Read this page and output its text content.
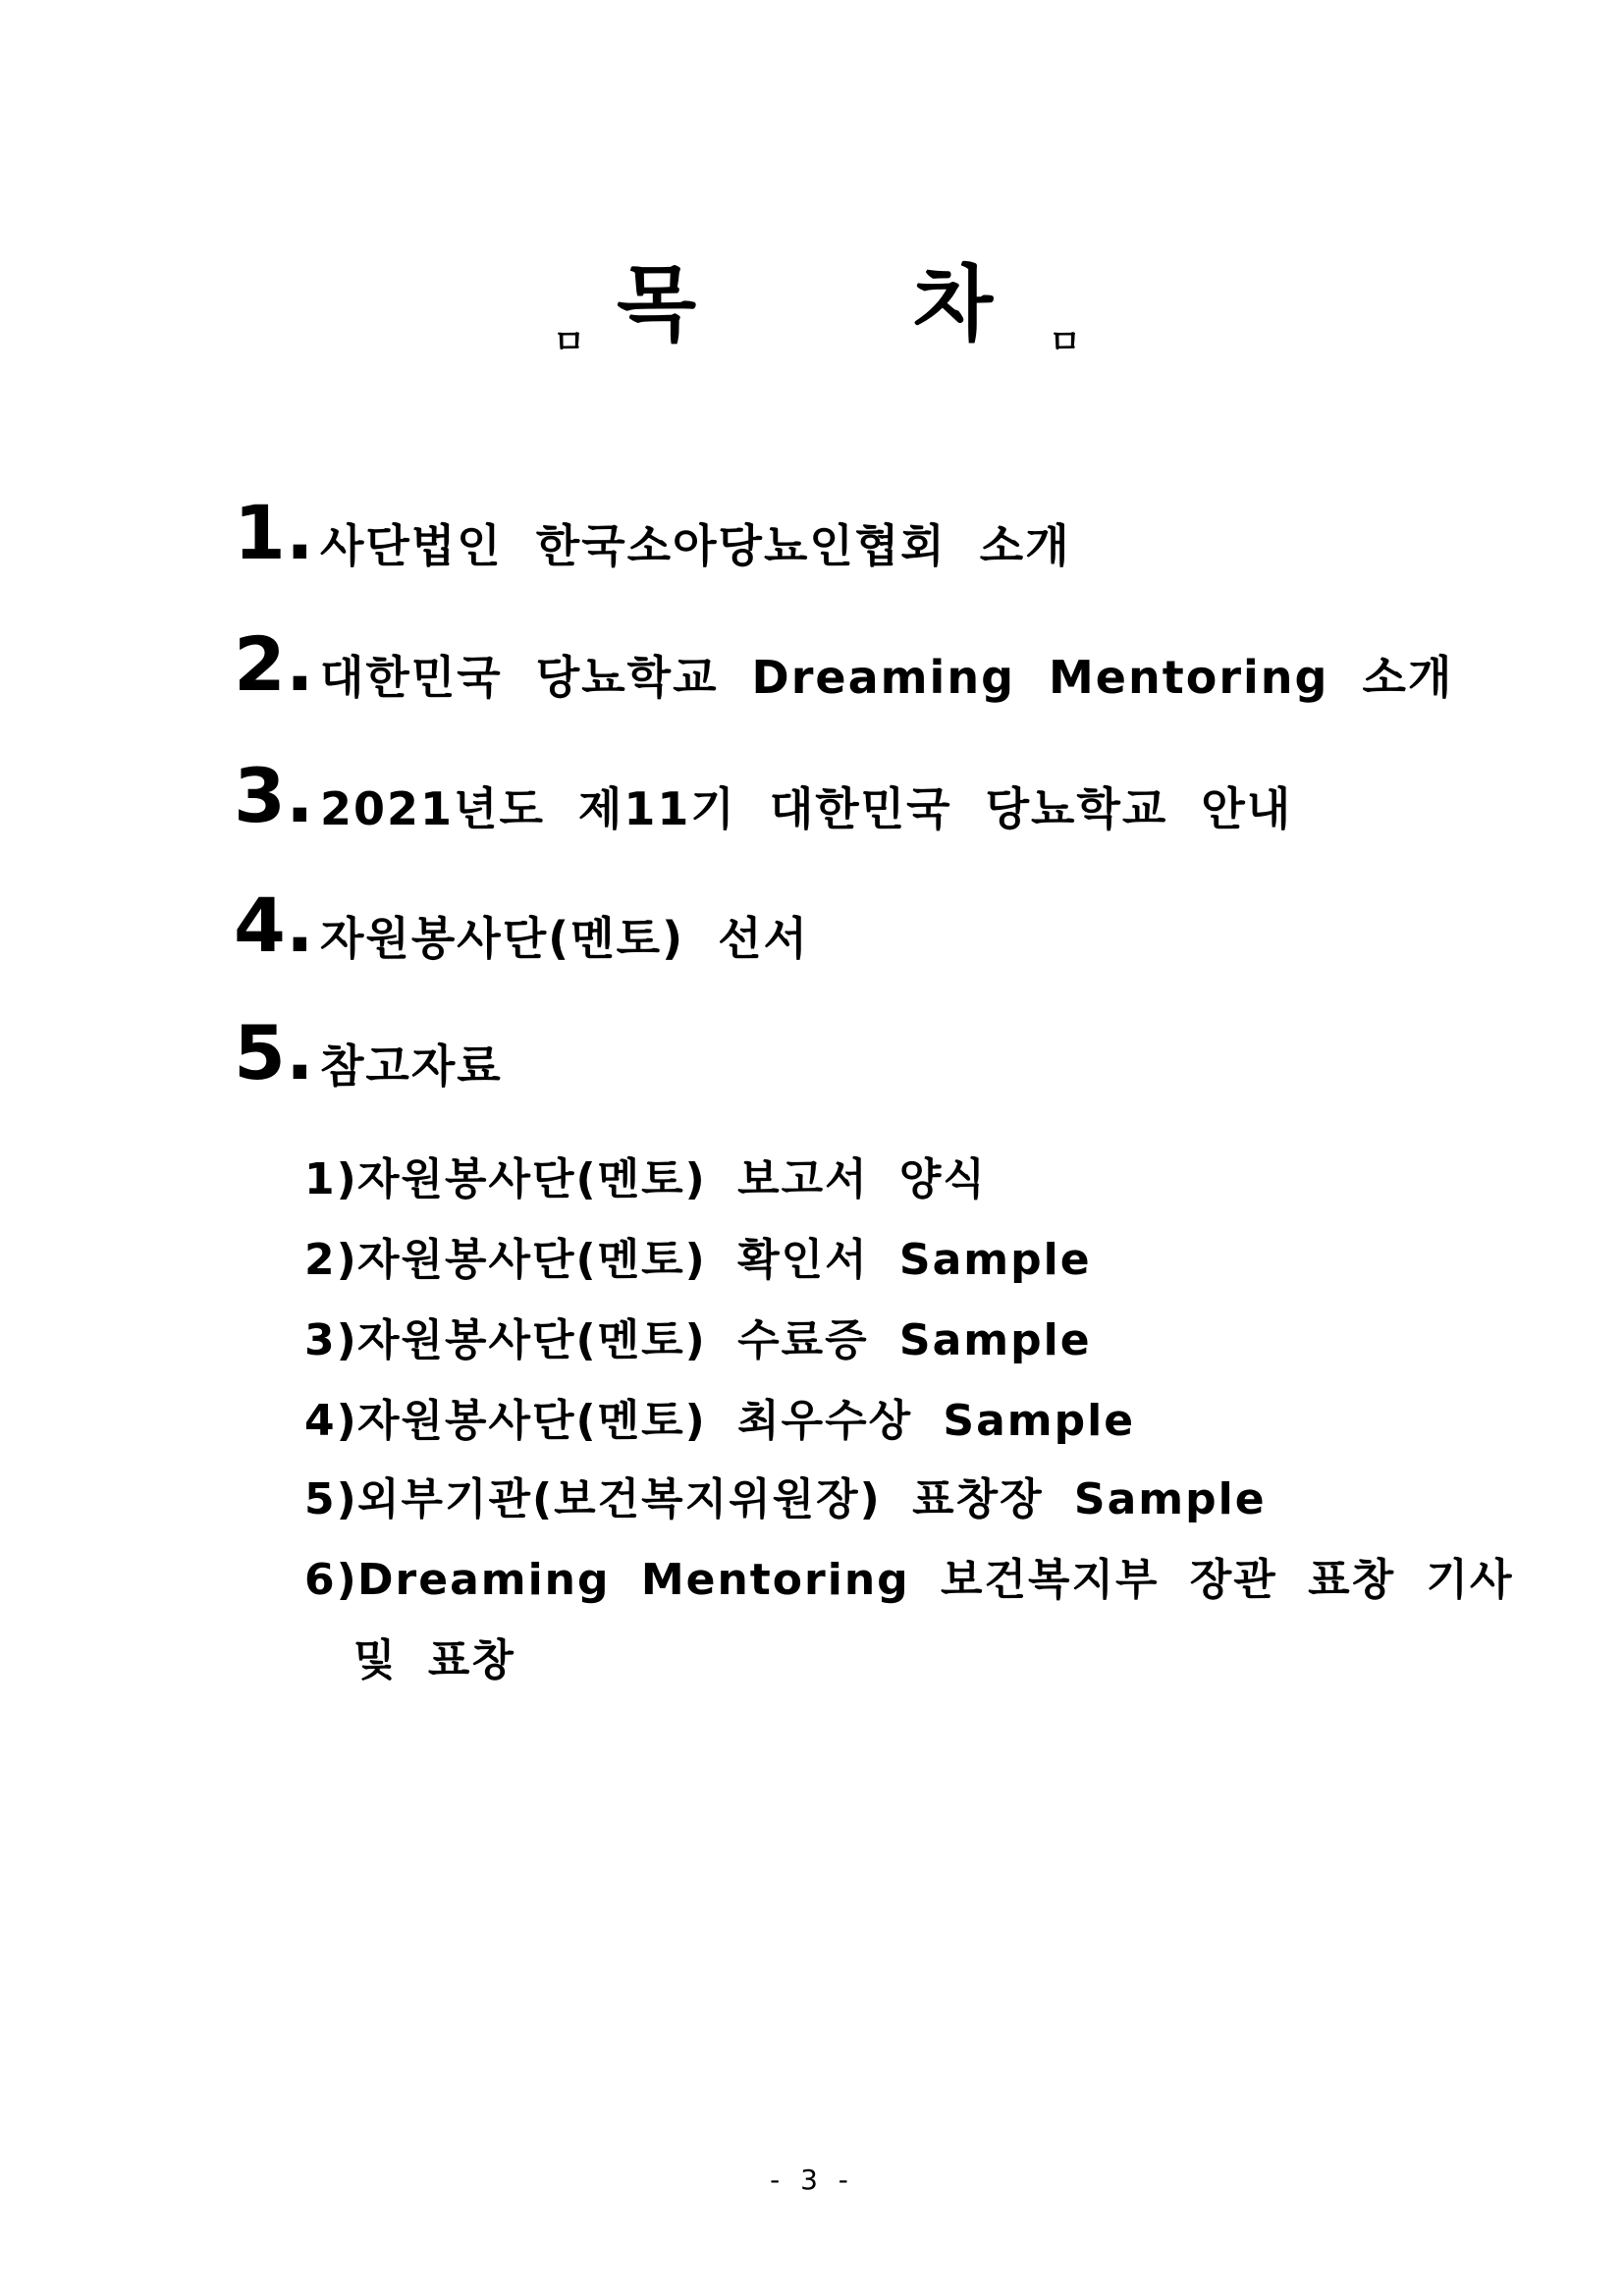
ㅁ 목	차 ㅁ
1. 사단법인 한국소아당뇨인협회 소개
2. 대한민국 당뇨학교 Dreaming Mentoring 소개
3. 2021년도 제11기 대한민국 당뇨학교 안내
4. 자원봉사단(멘토) 선서
5. 참고자료
1)자원봉사단(멘토) 보고서 양식
2)자원봉사단(멘토) 확인서 Sample
3)자원봉사단(멘토) 수료증 Sample
4)자원봉사단(멘토) 최우수상 Sample
5)외부기관(보건복지위원장) 표창장 Sample
6)Dreaming Mentoring 보건복지부 장관 표창 기사
및 표창
- 3 -
